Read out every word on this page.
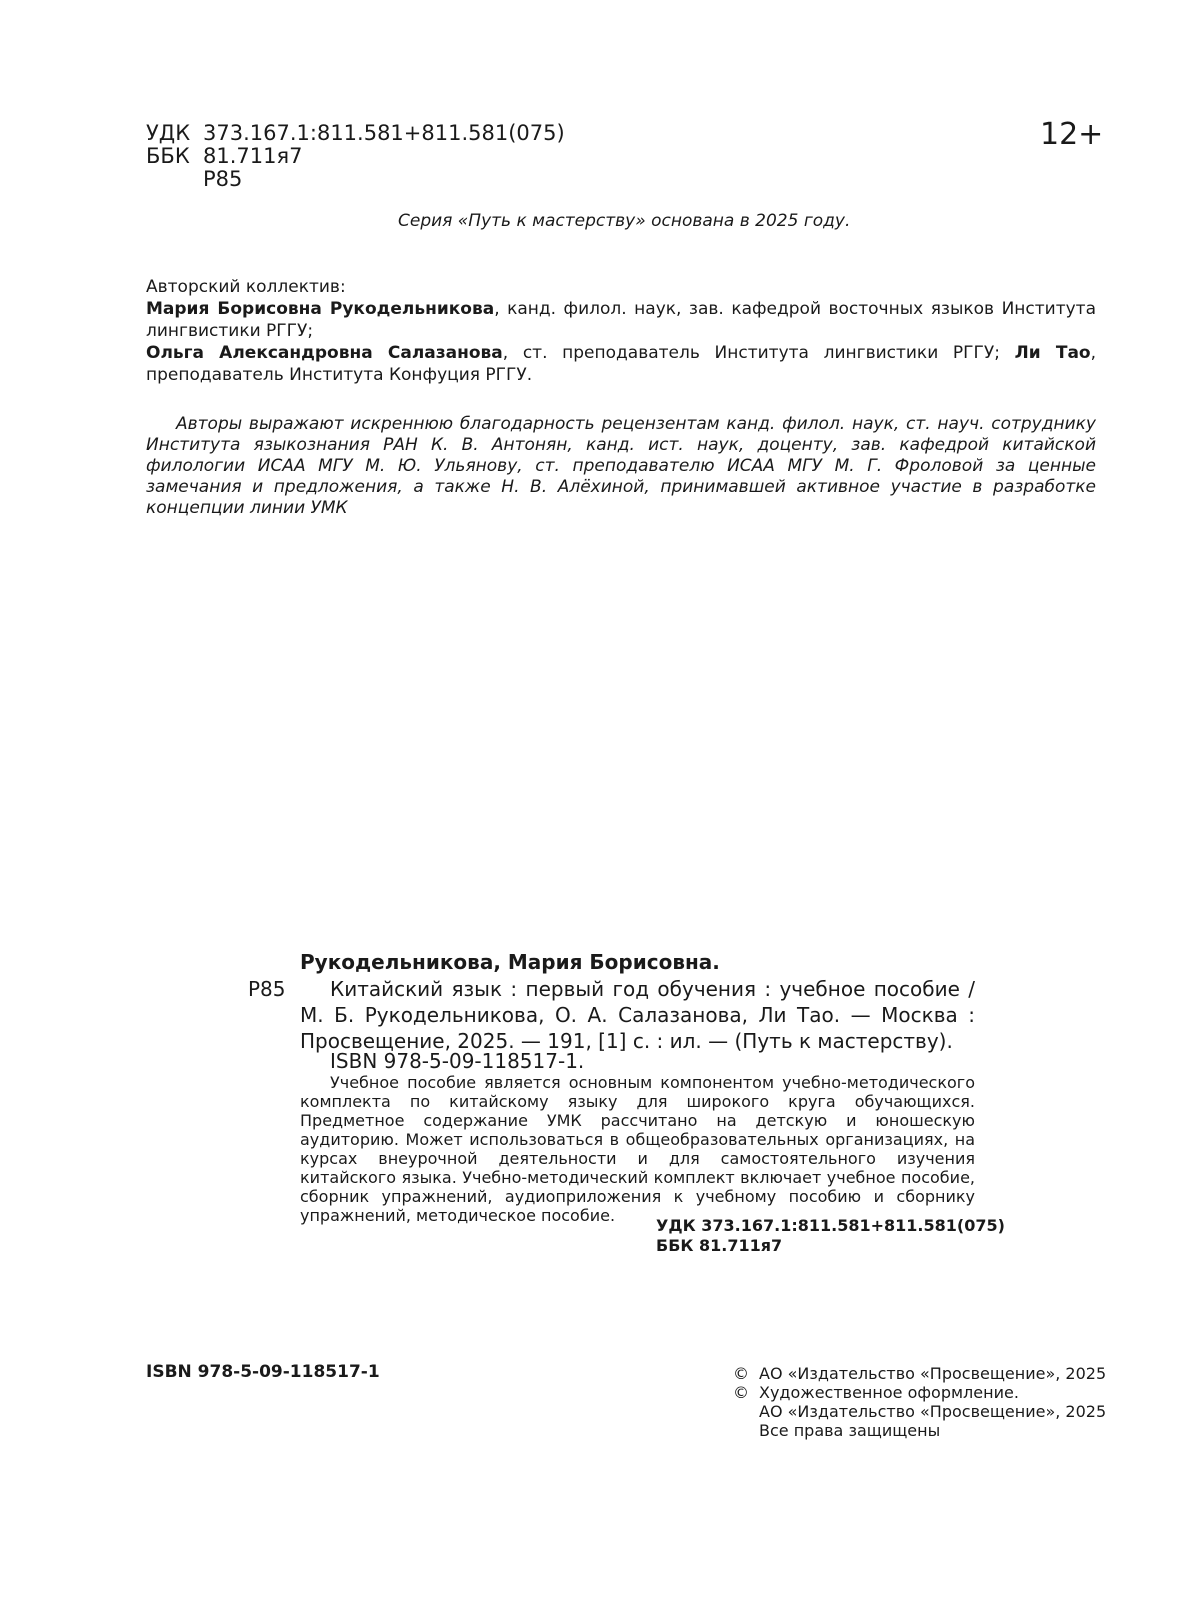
УДК 373.167.1:811.581+811.581(075)
ББК 81.711я7
Р85
12+
Серия «Путь к мастерству» основана в 2025 году.
Авторский коллектив:
Мария Борисовна Рукодельникова, канд. филол. наук, зав. кафедрой восточных языков Института лингвистики РГГУ;
Ольга Александровна Салазанова, ст. преподаватель Института лингвистики РГГУ; Ли Тао, преподаватель Института Конфуция РГГУ.
Авторы выражают искреннюю благодарность рецензентам канд. филол. наук, ст. науч. сотруднику Института языкознания РАН К. В. Антонян, канд. ист. наук, доценту, зав. кафедрой китайской филологии ИСАА МГУ М. Ю. Ульянову, ст. преподавателю ИСАА МГУ М. Г. Фроловой за ценные замечания и предложения, а также Н. В. Алёхиной, принимавшей активное участие в разработке концепции линии УМК
Рукодельникова, Мария Борисовна.
Р85	Китайский язык : первый год обучения : учебное пособие / М. Б. Рукодельникова, О. А. Салазанова, Ли Тао. — Москва : Просвещение, 2025. — 191, [1] с. : ил. — (Путь к мастерству).
ISBN 978-5-09-118517-1.
Учебное пособие является основным компонентом учебно-методического комплекта по китайскому языку для широкого круга обучающихся. Предметное содержание УМК рассчитано на детскую и юношескую аудиторию. Может использоваться в общеобразовательных организациях, на курсах внеурочной деятельности и для самостоятельного изучения китайского языка. Учебно-методический комплект включает учебное пособие, сборник упражнений, аудиоприложения к учебному пособию и сборнику упражнений, методическое пособие.
УДК 373.167.1:811.581+811.581(075)
ББК 81.711я7
ISBN 978-5-09-118517-1	© АО «Издательство «Просвещение», 2025
© Художественное оформление.
АО «Издательство «Просвещение», 2025
Все права защищены
